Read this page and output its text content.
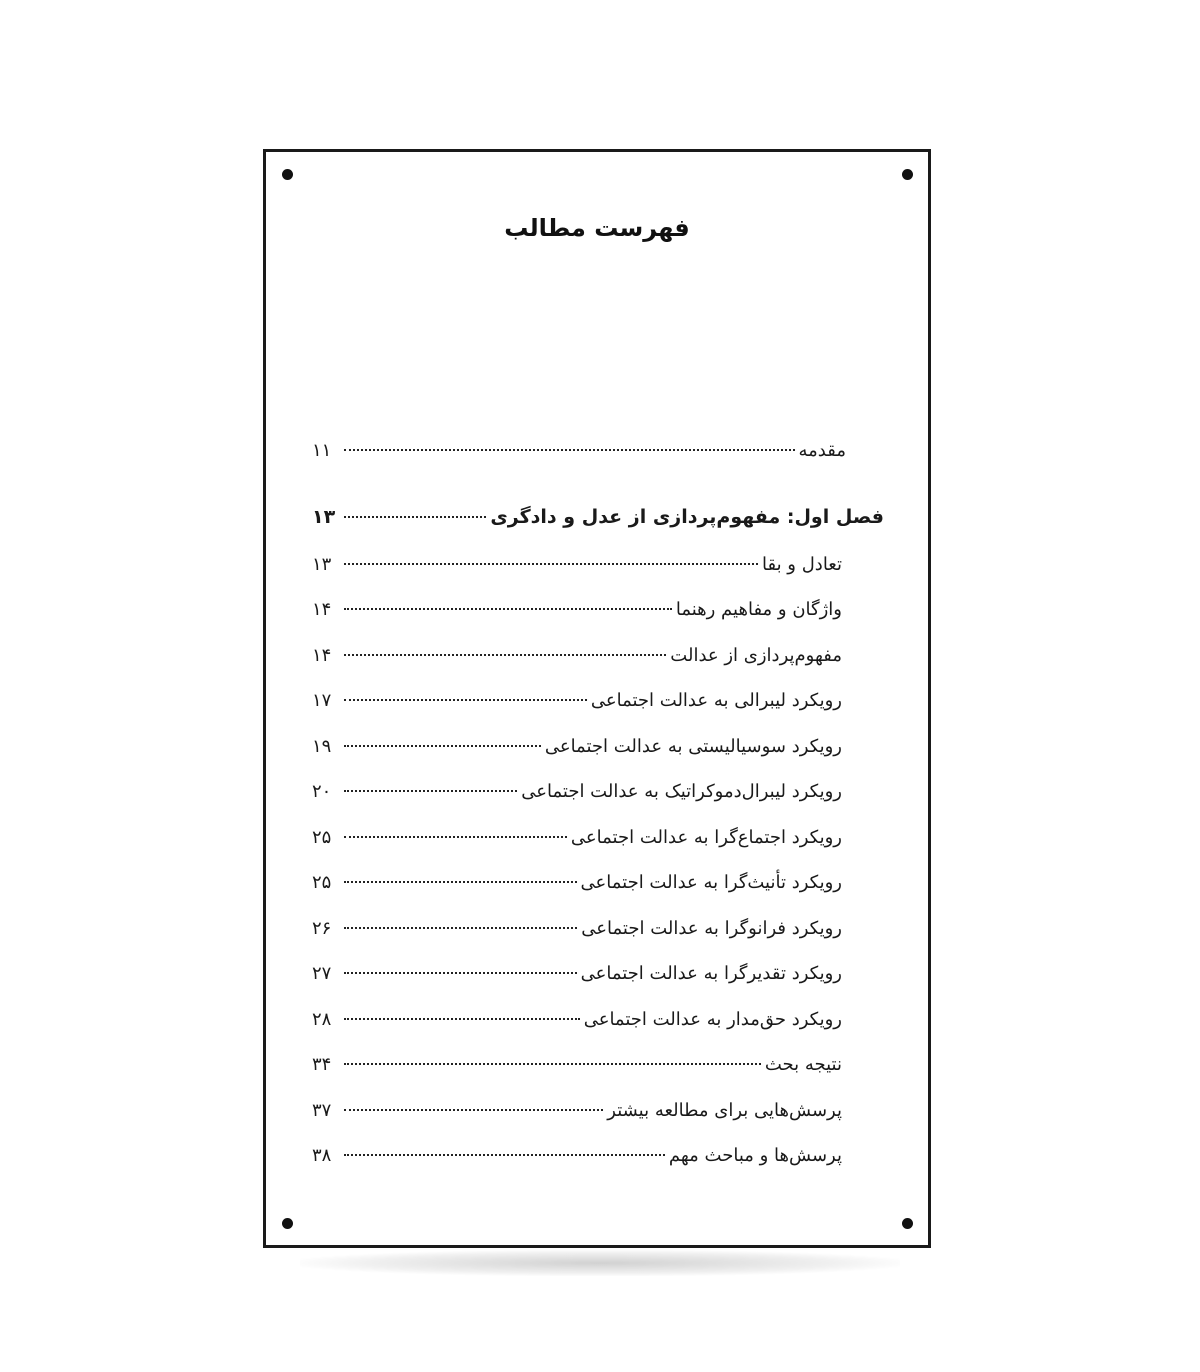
فهرست مطالب
مقدمه
۱۱
فصل اول: مفهوم‌پردازی از عدل و دادگری
۱۳
تعادل و بقا
۱۳
واژگان و مفاهیم رهنما
۱۴
مفهوم‌پردازی از عدالت
۱۴
رویکرد لیبرالی به عدالت اجتماعی
۱۷
رویکرد سوسیالیستی به عدالت اجتماعی
۱۹
رویکرد لیبرال‌دموکراتیک به عدالت اجتماعی
۲۰
رویکرد اجتماع‌گرا به عدالت اجتماعی
۲۵
رویکرد تأنیث‌گرا به عدالت اجتماعی
۲۵
رویکرد فرانوگرا به عدالت اجتماعی
۲۶
رویکرد تقدیرگرا به عدالت اجتماعی
۲۷
رویکرد حق‌مدار به عدالت اجتماعی
۲۸
نتیجه بحث
۳۴
پرسش‌هایی برای مطالعه بیشتر
۳۷
پرسش‌ها و مباحث مهم
۳۸
